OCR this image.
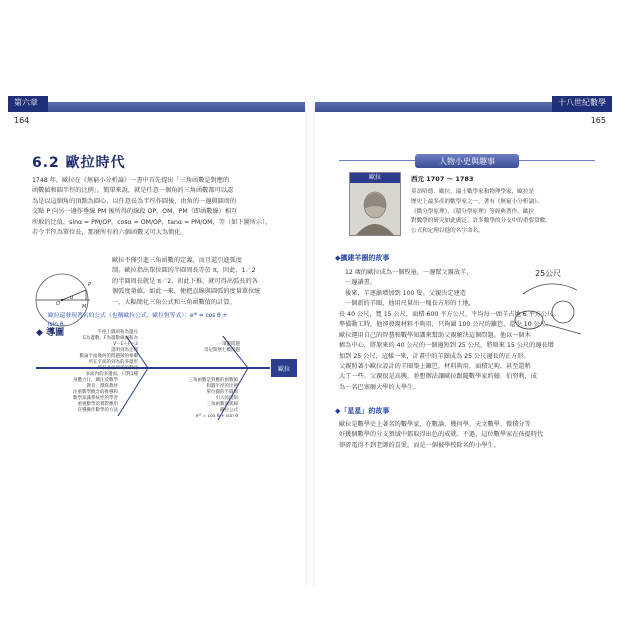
第六章
164
6.2 歐拉時代
1748 年，歐拉在《無窮小分析論》一書中首先提出「三角函數是對應的
函數値和圓半徑的比例」。簡單來說，就是任意一個角的三角函數都可以認
為是以這個角的頂點為圓心，以任意長為半徑作圓後，由角的一邊與圓周的
交點 P 向另一邊作垂線 PM 後所得的線段 OP、OM、PM（即函數線）相互
所取的比值，sinα = PM/OP，cosα = OM/OP，tanα = PM/OM，等（如下圖所示），
若令半徑為單位長，那麼所有的六個函數又可大為簡化。
P
O	M
α
歐拉不僅引進三角函數的定義，而且還引進弧度
制。歐拉指出單位圓的半圓周長等於 π，因此，1／2
的半圓周長就是 π／2，扣此下推，就可得出弧長的各
個弧度量値。如此一來，便把直線與圓弧的度量單位統
一，大幅簡化三角公式和三角函數值的計算。
歐拉還發現著名的公式（也稱歐拉公式、歐拉恆等式）：eⁱᶿ = cos θ +
isin θ。
◆ 導圖
歐拉
半徑上圓周和為邊長
E為邊數、F為邊數線面和為
V－E＋F＝2
證明到為定理
數論平面幾何的問題與的相鄰
所在平面的到為的多邊形
所有多面所需的對比
多面內的多邊面，只對1種
一筆劃問題
哥尼斯堡七橋問題
身體力行，關注於數學
教育，撰寫教材
注重數學概念的推導和
數學知識系統性的學習
重視數學的實際應用
宣導操作數學的方法
三角函數是對應的函數値
和圓半徑的比例
單位圓的半圓周
引入弧度制
三角函數與弧線
歐拉公式
eⁱᶿ = cos θ + isin θ
十八世紀數學
165
人物小史與趣事
歐拉	西元 1707 ～ 1783
莫昂哈德．歐拉，瑞士數學家和物理學家，歐拉是
歷史上最多產的數學家之一，著有《無窮小分析論》、
《微分學原理》、《積分學原理》等經典著作。歐拉
對數學的研究如此廣泛，許多數學的分支中的重要常數、
公式和定理以他的名字命名。
◆擴建羊圈的故事
25公尺
12 歲的歐拉成為一個牧童，一邊幫父親放羊，
一邊讀書。
後來，羊逐漸增加到 100 隻。父親決定建造
一個新的羊圈，他用尺量出一塊長方形的土地，
長 40 公尺，寬 15 公尺，面積 600 平方公尺，平均每一頭羊占地 6 平方公尺。
準備動工時，他卻發現材料不夠用，只夠圍 100 公尺的籬笆，還少 10 公尺。
歐拉運用自己的智慧和數學知識來幫助父親解決這個問題。他以一個木
樁為中心，將原來的 40 公尺的一個邊短到 25 公尺，將原來 15 公尺的邊長增
加到 25 公尺，這樣一來，計畫中的羊圈成為 25 公尺邊長的正方形。
父親照著小歐拉設計的羊圈築上籬笆，材料夠用，面積足夠，甚至還稍
大了一些。父親很是高興，並想辦法讓歐拉跟隨數學家約翰．伯努利，成
為一名巴塞爾大學的大學生。
◆「星星」的故事
歐拉是數學史上著名的數學家，在數論、幾何學、天文數學、微積分等
好幾個數學的分支領域中都取得出色的成就。不過，這位數學家在孩提時代
卻碎電得不到老師的喜愛，而是一個被學校除名的小學生。
